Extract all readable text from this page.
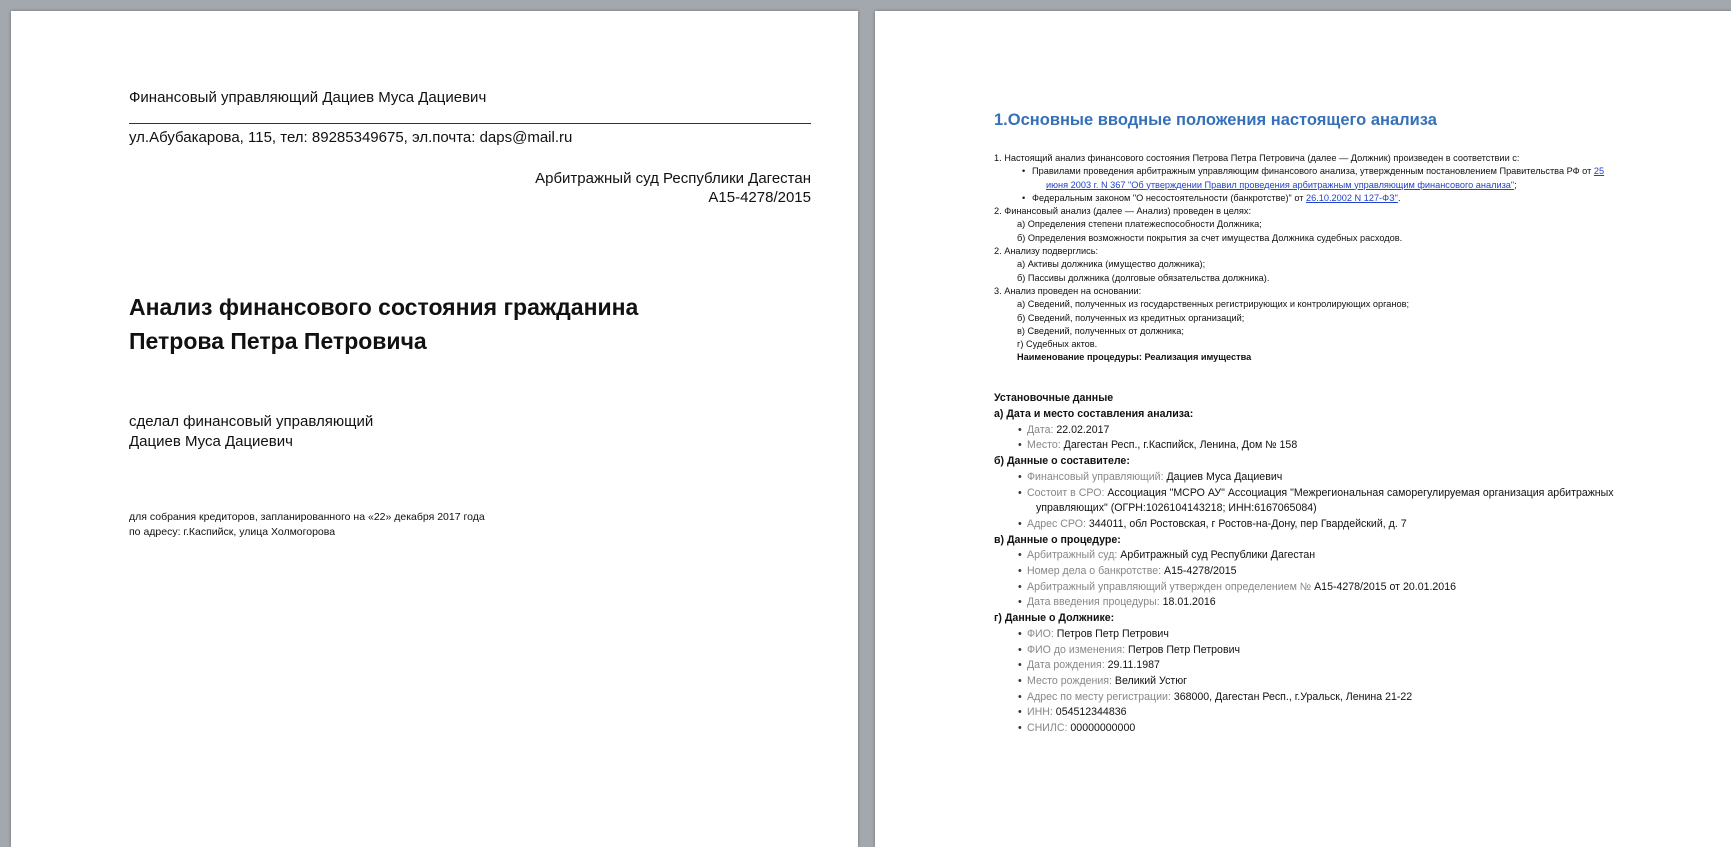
Финансовый управляющий Дациев Муса Дациевич
ул.Абубакарова, 115, тел: 89285349675, эл.почта: daps@mail.ru
Арбитражный суд Республики Дагестан
А15-4278/2015
Анализ финансового состояния гражданина
Петрова Петра Петровича
сделал финансовый управляющий
Дациев Муса Дациевич
для собрания кредиторов, запланированного на «22» декабря 2017 года
по адресу: г.Каспийск, улица Холмогорова
1.Основные вводные положения настоящего анализа
1. Настоящий анализ финансового состояния Петрова Петра Петровича (далее — Должник) произведен в соответствии с:
• Правилами проведения арбитражным управляющим финансового анализа, утвержденным постановлением Правительства РФ от 25
июня 2003 г. N 367 "Об утверждении Правил проведения арбитражным управляющим финансового анализа";
• Федеральным законом "О несостоятельности (банкротстве)" от 26.10.2002 N 127-ФЗ".
2. Финансовый анализ (далее — Анализ) проведен в целях:
а) Определения степени платежеспособности Должника;
б) Определения возможности покрытия за счет имущества Должника судебных расходов.
2. Анализу подверглись:
а) Активы должника (имущество должника);
б) Пассивы должника (долговые обязательства должника).
3. Анализ проведен на основании:
а) Сведений, полученных из государственных регистрирующих и контролирующих органов;
б) Сведений, полученных из кредитных организаций;
в) Сведений, полученных от должника;
г) Судебных актов.
Наименование процедуры: Реализация имущества
Установочные данные
а) Дата и место составления анализа:
• Дата: 22.02.2017
• Место: Дагестан Респ., г.Каспийск, Ленина, Дом № 158
б) Данные о составителе:
• Финансовый управляющий: Дациев Муса Дациевич
• Состоит в СРО: Ассоциация "МСРО АУ" Ассоциация "Межрегиональная саморегулируемая организация арбитражных
управляющих" (ОГРН:1026104143218; ИНН:6167065084)
• Адрес СРО: 344011, обл Ростовская, г Ростов-на-Дону, пер Гвардейский, д. 7
в) Данные о процедуре:
• Арбитражный суд: Арбитражный суд Республики Дагестан
• Номер дела о банкротстве: А15-4278/2015
• Арбитражный управляющий утвержден определением № А15-4278/2015 от 20.01.2016
• Дата введения процедуры: 18.01.2016
г) Данные о Должнике:
• ФИО: Петров Петр Петрович
• ФИО до изменения: Петров Петр Петрович
• Дата рождения: 29.11.1987
• Место рождения: Великий Устюг
• Адрес по месту регистрации: 368000, Дагестан Респ., г.Уральск, Ленина 21-22
• ИНН: 054512344836
• СНИЛС: 00000000000
